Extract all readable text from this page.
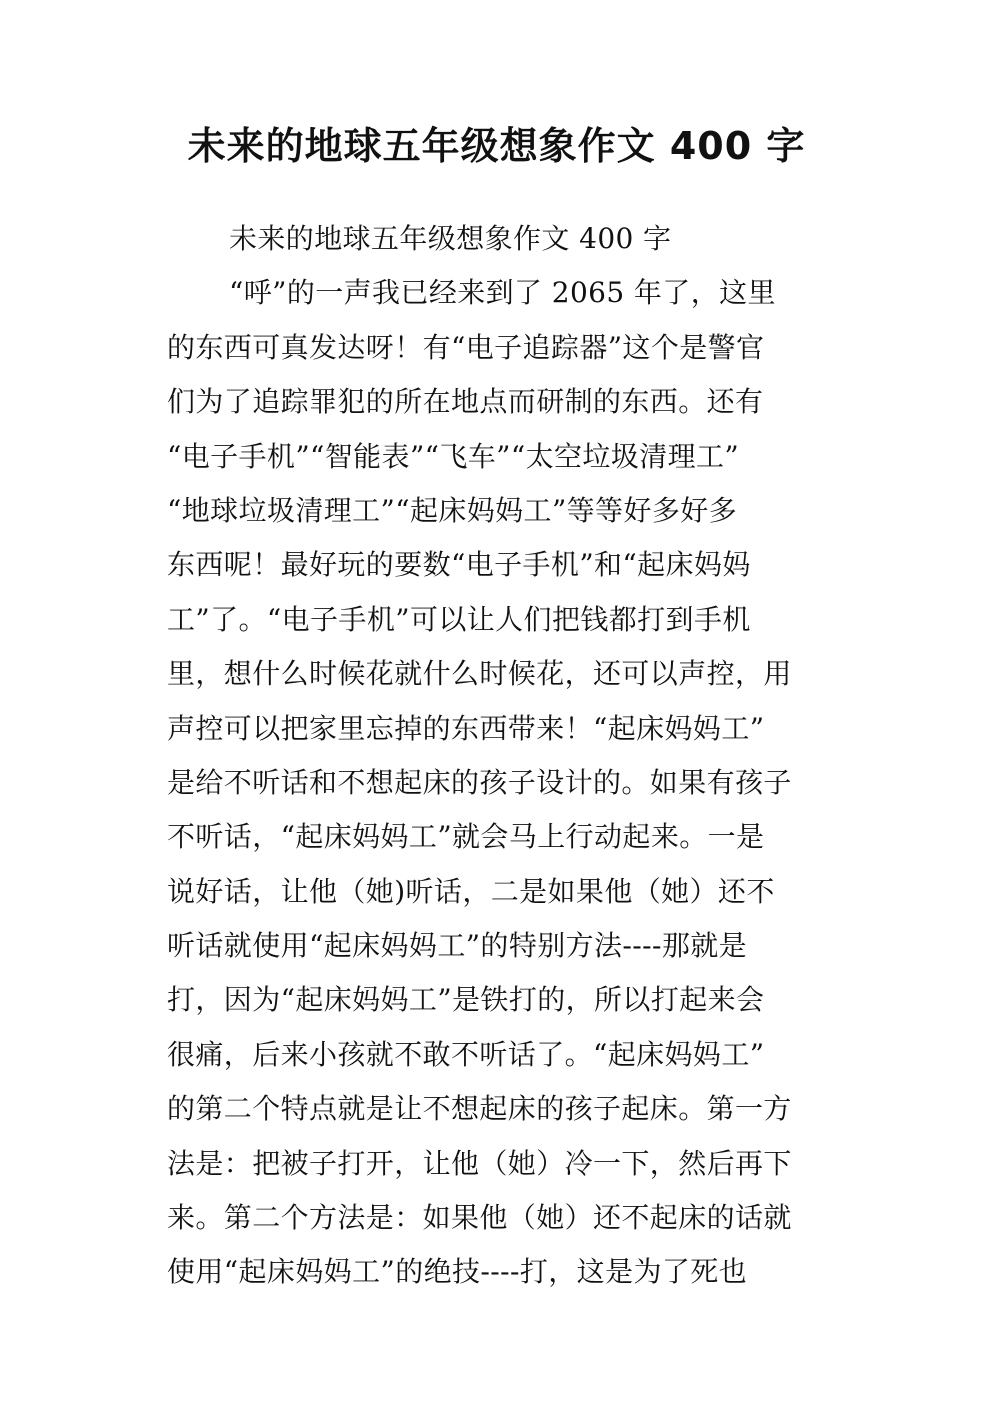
未来的地球五年级想象作文 400 字
未来的地球五年级想象作文 400 字
“呼”的一声我已经来到了 2065 年了，这里
的东西可真发达呀！有“电子追踪器”这个是警官
们为了追踪罪犯的所在地点而研制的东西。还有
“电子手机”“智能表”“飞车”“太空垃圾清理工”
“地球垃圾清理工”“起床妈妈工”等等好多好多
东西呢！最好玩的要数“电子手机”和“起床妈妈
工”了。“电子手机”可以让人们把钱都打到手机
里，想什么时候花就什么时候花，还可以声控，用
声控可以把家里忘掉的东西带来！“起床妈妈工”
是给不听话和不想起床的孩子设计的。如果有孩子
不听话，“起床妈妈工”就会马上行动起来。一是
说好话，让他（她)听话，二是如果他（她）还不
听话就使用“起床妈妈工”的特别方法----那就是
打，因为“起床妈妈工”是铁打的，所以打起来会
很痛，后来小孩就不敢不听话了。“起床妈妈工”
的第二个特点就是让不想起床的孩子起床。第一方
法是：把被子打开，让他（她）冷一下，然后再下
来。第二个方法是：如果他（她）还不起床的话就
使用“起床妈妈工”的绝技----打，这是为了死也
